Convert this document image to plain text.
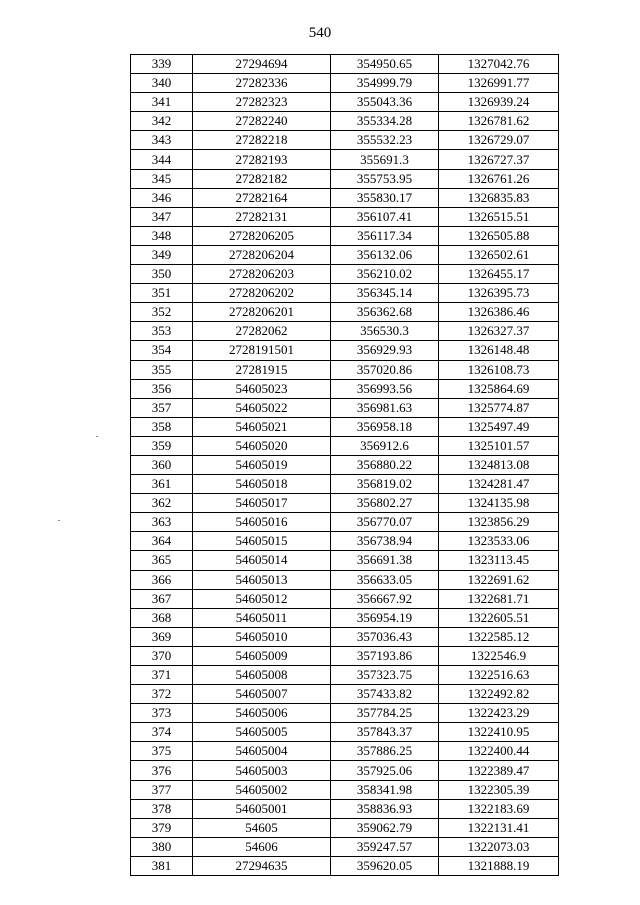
540
339	27294694	354950.65	1327042.76
340	27282336	354999.79	1326991.77
341	27282323	355043.36	1326939.24
342	27282240	355334.28	1326781.62
343	27282218	355532.23	1326729.07
344	27282193	355691.3	1326727.37
345	27282182	355753.95	1326761.26
346	27282164	355830.17	1326835.83
347	27282131	356107.41	1326515.51
348	2728206205	356117.34	1326505.88
349	2728206204	356132.06	1326502.61
350	2728206203	356210.02	1326455.17
351	2728206202	356345.14	1326395.73
352	2728206201	356362.68	1326386.46
353	27282062	356530.3	1326327.37
354	2728191501	356929.93	1326148.48
355	27281915	357020.86	1326108.73
356	54605023	356993.56	1325864.69
357	54605022	356981.63	1325774.87
358	54605021	356958.18	1325497.49
359	54605020	356912.6	1325101.57
360	54605019	356880.22	1324813.08
361	54605018	356819.02	1324281.47
362	54605017	356802.27	1324135.98
363	54605016	356770.07	1323856.29
364	54605015	356738.94	1323533.06
365	54605014	356691.38	1323113.45
366	54605013	356633.05	1322691.62
367	54605012	356667.92	1322681.71
368	54605011	356954.19	1322605.51
369	54605010	357036.43	1322585.12
370	54605009	357193.86	1322546.9
371	54605008	357323.75	1322516.63
372	54605007	357433.82	1322492.82
373	54605006	357784.25	1322423.29
374	54605005	357843.37	1322410.95
375	54605004	357886.25	1322400.44
376	54605003	357925.06	1322389.47
377	54605002	358341.98	1322305.39
378	54605001	358836.93	1322183.69
379	54605	359062.79	1322131.41
380	54606	359247.57	1322073.03
381	27294635	359620.05	1321888.19
